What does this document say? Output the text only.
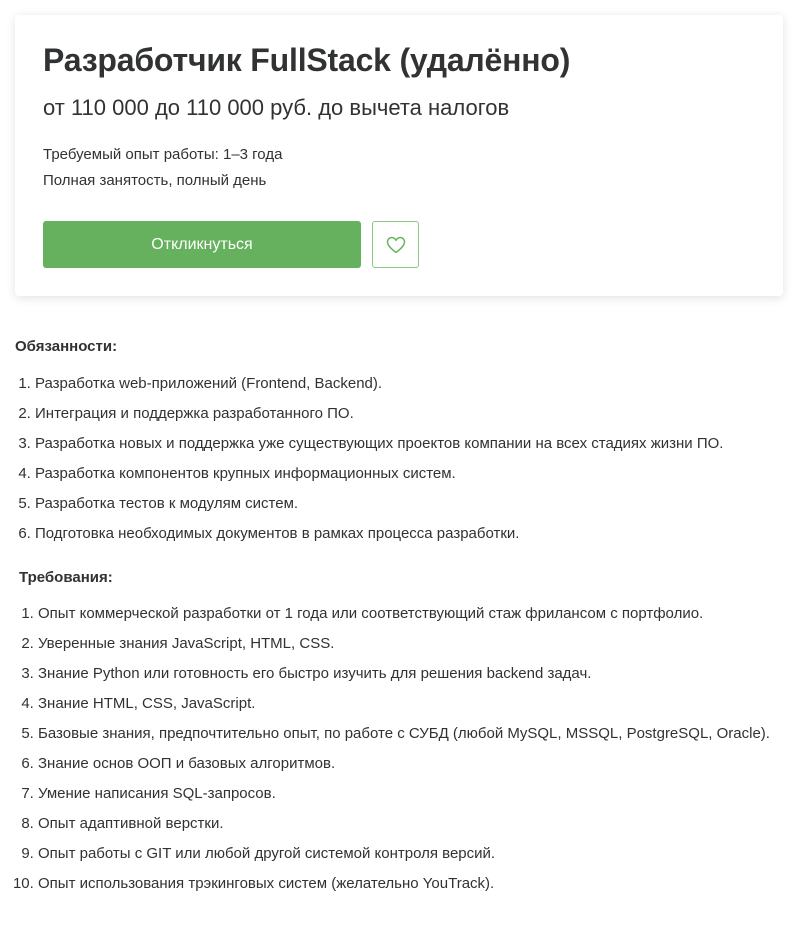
Разработчик FullStack (удалённо)
от 110 000 до 110 000 руб. до вычета налогов
Требуемый опыт работы: 1–3 года
Полная занятость, полный день
Откликнуться
Обязанности:
1. Разработка web-приложений (Frontend, Backend).
2. Интеграция и поддержка разработанного ПО.
3. Разработка новых и поддержка уже существующих проектов компании на всех стадиях жизни ПО.
4. Разработка компонентов крупных информационных систем.
5. Разработка тестов к модулям систем.
6. Подготовка необходимых документов в рамках процесса разработки.
Требования:
1. Опыт коммерческой разработки от 1 года или соответствующий стаж фрилансом с портфолио.
2. Уверенные знания JavaScript, HTML, CSS.
3. Знание Python или готовность его быстро изучить для решения backend задач.
4. Знание HTML, CSS, JavaScript.
5. Базовые знания, предпочтительно опыт, по работе с СУБД (любой MySQL, MSSQL, PostgreSQL, Oracle).
6. Знание основ ООП и базовых алгоритмов.
7. Умение написания SQL-запросов.
8. Опыт адаптивной верстки.
9. Опыт работы с GIT или любой другой системой контроля версий.
10. Опыт использования трэкинговых систем (желательно YouTrack).
